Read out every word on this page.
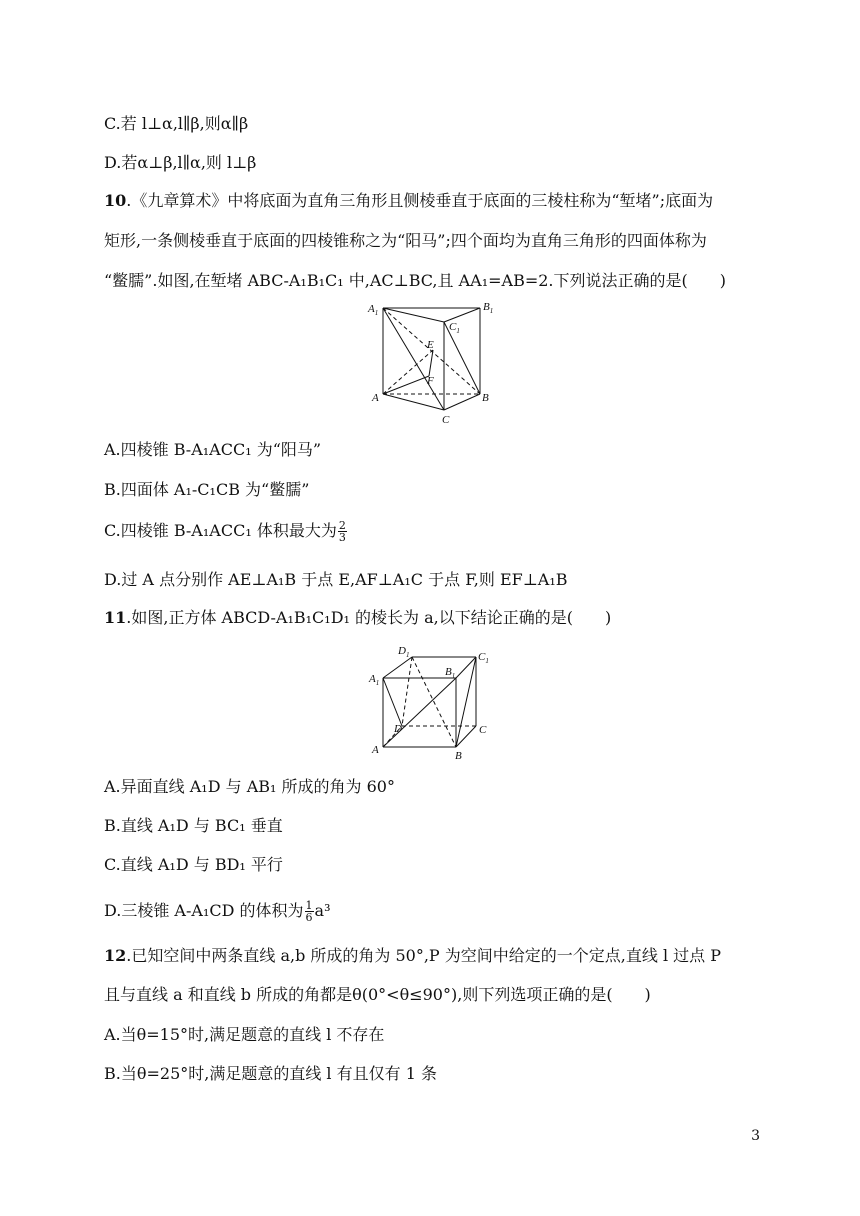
C.若 l⊥α,l∥β,则α∥β
D.若α⊥β,l∥α,则 l⊥β
10.《九章算术》中将底面为直角三角形且侧棱垂直于底面的三棱柱称为“堑堵”;底面为
矩形,一条侧棱垂直于底面的四棱锥称之为“阳马”;四个面均为直角三角形的四面体称为
“鳖臑”.如图,在堑堵 ABC-A₁B₁C₁ 中,AC⊥BC,且 AA₁=AB=2.下列说法正确的是(　　)
$A_1$	$B_1$
$C_1$
E
F
A	B
C
A.四棱锥 B-A₁ACC₁ 为“阳马”
B.四面体 A₁-C₁CB 为“鳖臑”
C.四棱锥 B-A₁ACC₁ 体积最大为 $\frac{2}{3}$
D.过 A 点分别作 AE⊥A₁B 于点 E,AF⊥A₁C 于点 F,则 EF⊥A₁B
11.如图,正方体 ABCD-A₁B₁C₁D₁ 的棱长为 a,以下结论正确的是(　　)
$D_1$
$B_1$
$C_1$
$A_1$
D	C
A	B
A.异面直线 A₁D 与 AB₁ 所成的角为 60°
B.直线 A₁D 与 BC₁ 垂直
C.直线 A₁D 与 BD₁ 平行
D.三棱锥 A-A₁CD 的体积为 $\frac{1}{6} a^3$
12.已知空间中两条直线 a,b 所成的角为 50°,P 为空间中给定的一个定点,直线 l 过点 P
且与直线 a 和直线 b 所成的角都是θ(0°<θ≤90°),则下列选项正确的是(　　)
A.当θ=15°时,满足题意的直线 l 不存在
B.当θ=25°时,满足题意的直线 l 有且仅有 1 条
3
